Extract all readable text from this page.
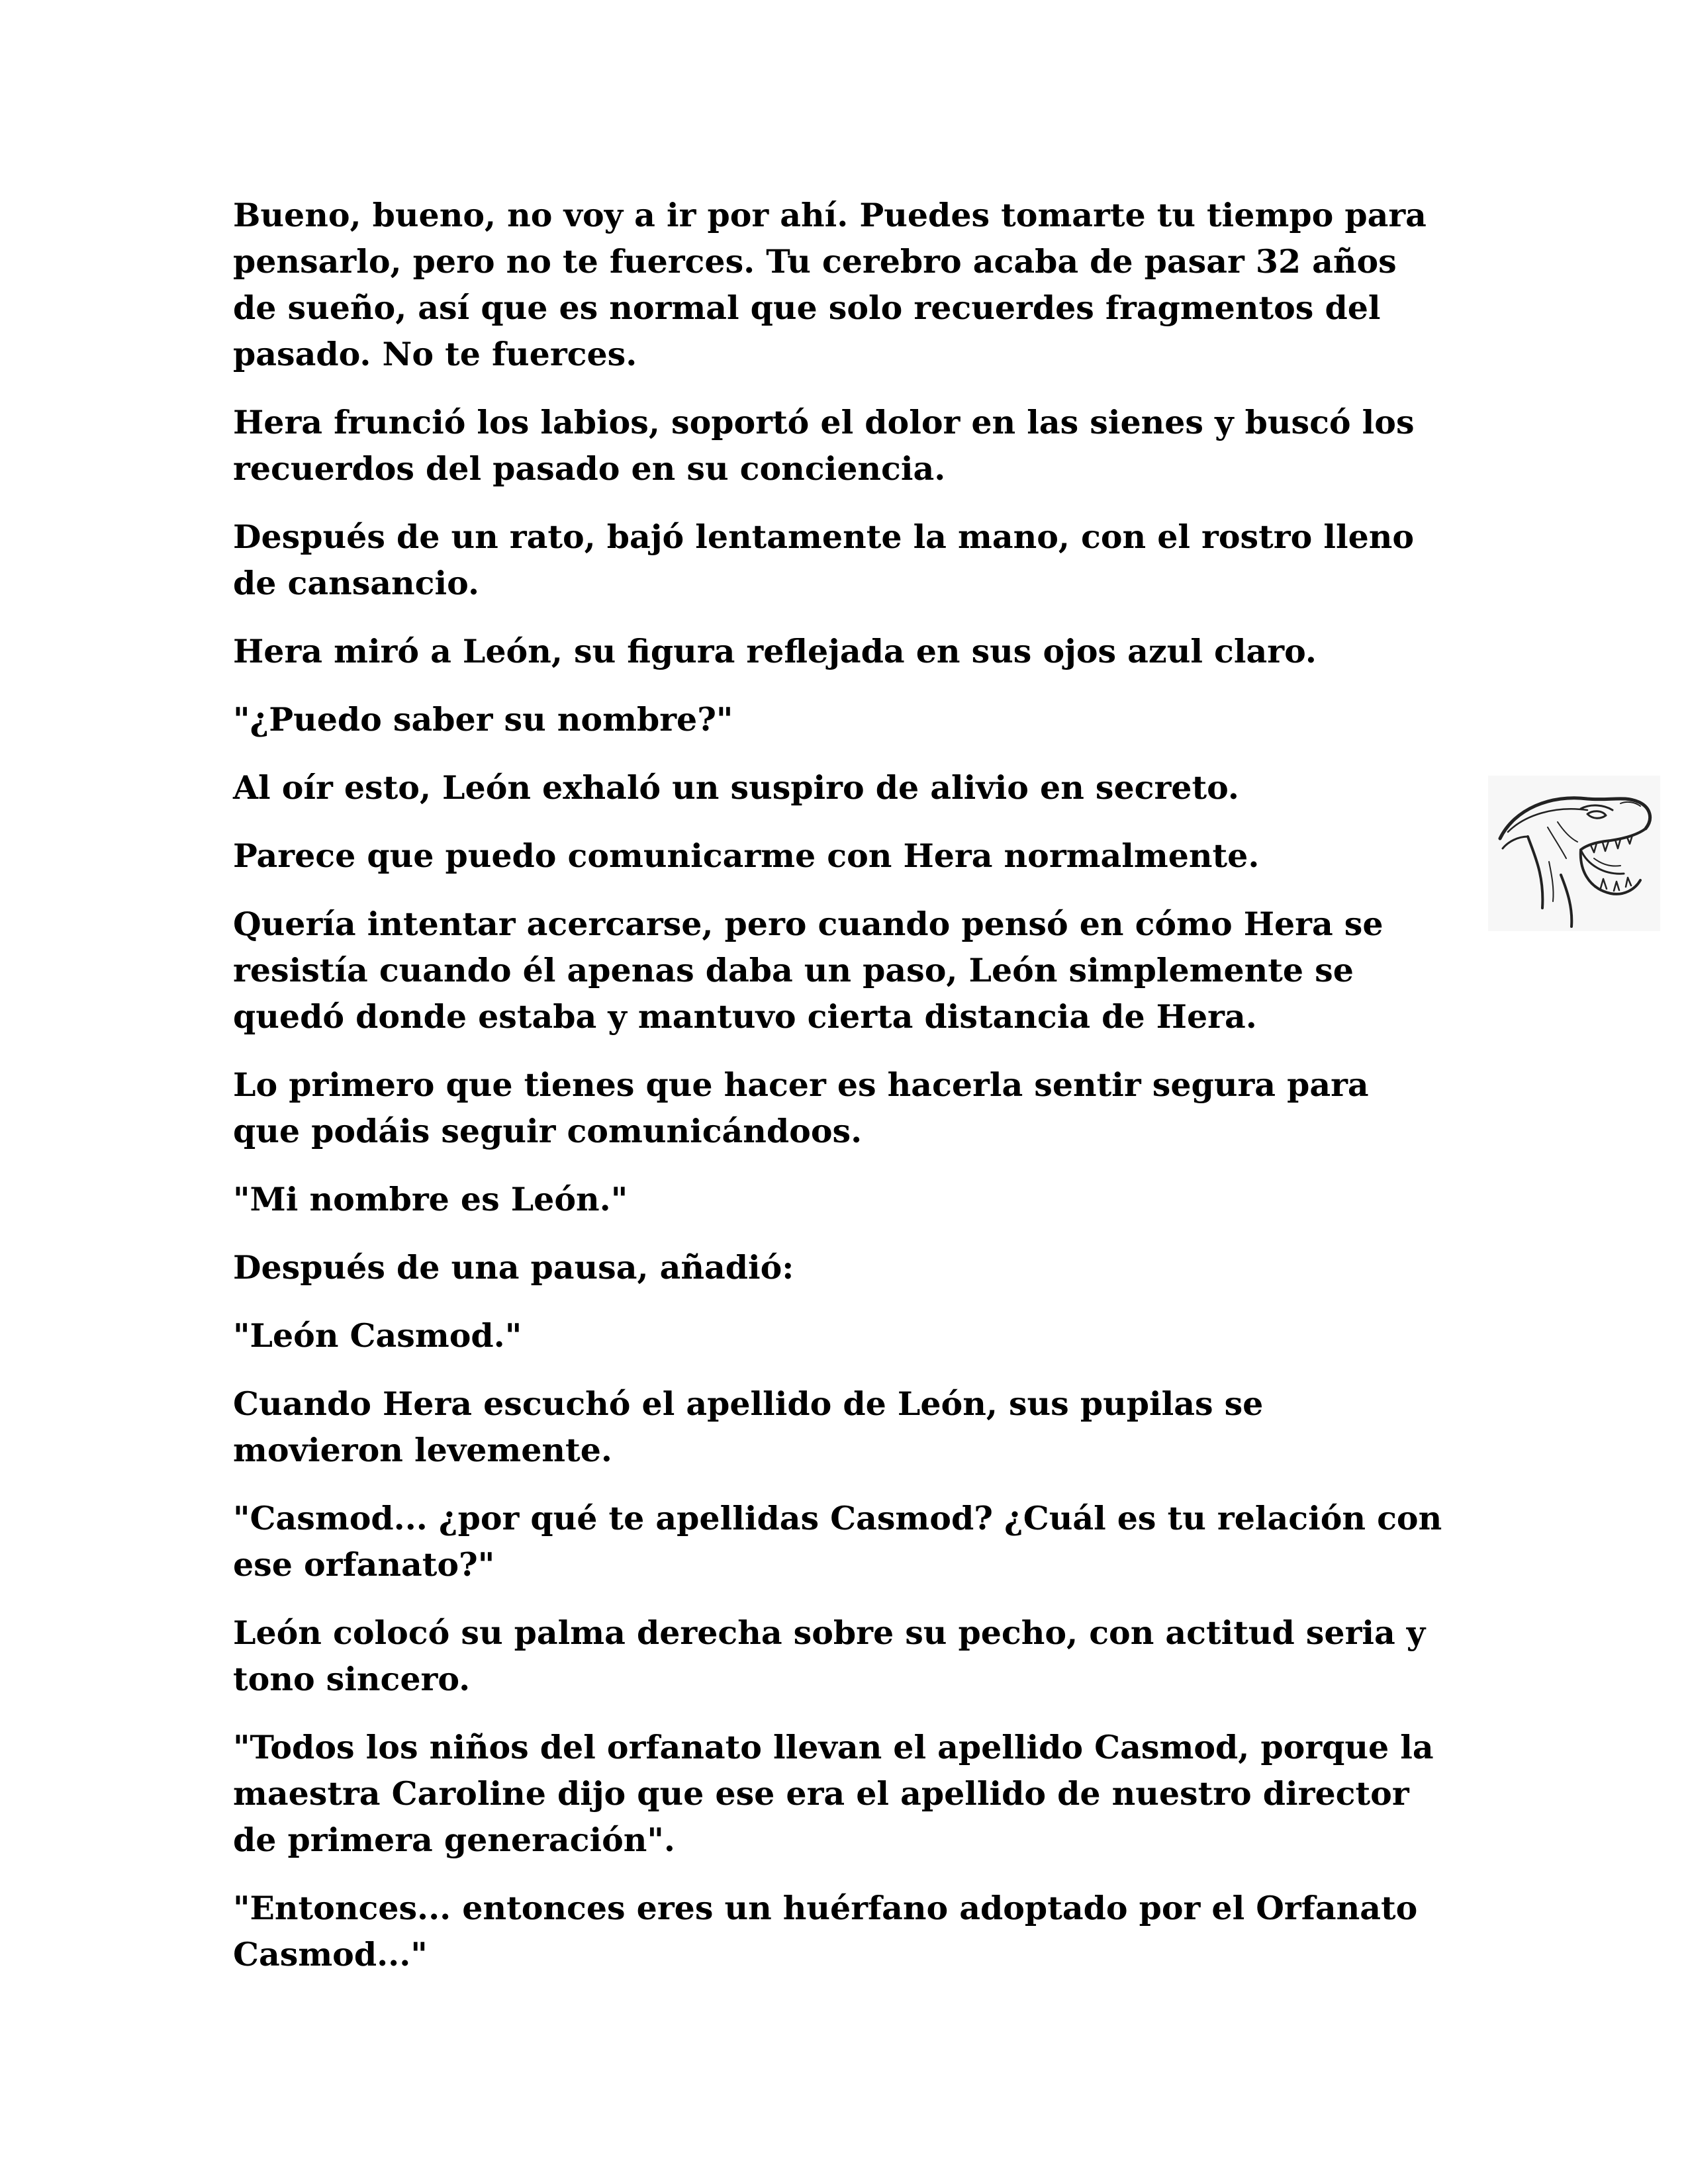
Bueno, bueno, no voy a ir por ahí. Puedes tomarte tu tiempo para pensarlo, pero no te fuerces. Tu cerebro acaba de pasar 32 años de sueño, así que es normal que solo recuerdes fragmentos del pasado. No te fuerces.

Hera frunció los labios, soportó el dolor en las sienes y buscó los recuerdos del pasado en su conciencia.

Después de un rato, bajó lentamente la mano, con el rostro lleno de cansancio.

Hera miró a León, su figura reflejada en sus ojos azul claro.

"¿Puedo saber su nombre?"

Al oír esto, León exhaló un suspiro de alivio en secreto.

Parece que puedo comunicarme con Hera normalmente.

Quería intentar acercarse, pero cuando pensó en cómo Hera se resistía cuando él apenas daba un paso, León simplemente se quedó donde estaba y mantuvo cierta distancia de Hera.

Lo primero que tienes que hacer es hacerla sentir segura para que podáis seguir comunicándoos.

"Mi nombre es León."

Después de una pausa, añadió:

"León Casmod."

Cuando Hera escuchó el apellido de León, sus pupilas se movieron levemente.

"Casmod... ¿por qué te apellidas Casmod? ¿Cuál es tu relación con ese orfanato?"

León colocó su palma derecha sobre su pecho, con actitud seria y tono sincero.

"Todos los niños del orfanato llevan el apellido Casmod, porque la maestra Caroline dijo que ese era el apellido de nuestro director de primera generación".

"Entonces... entonces eres un huérfano adoptado por el Orfanato Casmod..."
